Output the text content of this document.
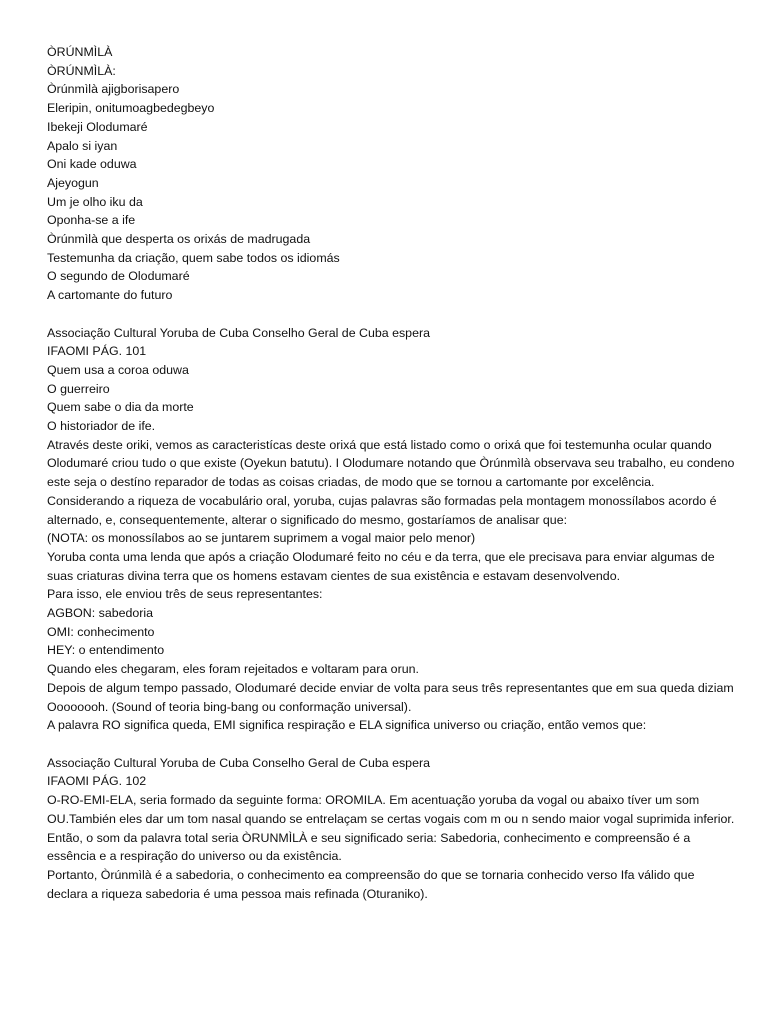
ÒRÚNMÌLÀ
ÒRÚNMÌLÀ:
Òrúnmìlà ajigborisapero
Eleripin, onitumoagbedegbeyo
Ibekeji Olodumaré
Apalo si iyan
Oni kade oduwa
Ajeyogun
Um je olho iku da
Oponha-se a ife
Òrúnmìlà que desperta os orixás de madrugada
Testemunha da criação, quem sabe todos os idiomás
O segundo de Olodumaré
A cartomante do futuro
Associação Cultural Yoruba de Cuba Conselho Geral de Cuba espera
IFAOMI PÁG. 101
Quem usa a coroa oduwa
O guerreiro
Quem sabe o dia da morte
O historiador de ife.
Através deste oriki, vemos as caracteristícas deste orixá que está listado como o orixá que foi testemunha ocular quando Olodumaré criou tudo o que existe (Oyekun batutu). I Olodumare notando que Òrúnmìlà observava seu trabalho, eu condeno este seja o destíno reparador de todas as coisas criadas, de modo que se tornou a cartomante por excelência.
Considerando a riqueza de vocabulário oral, yoruba, cujas palavras são formadas pela montagem monossílabos acordo é alternado, e, consequentemente, alterar o significado do mesmo, gostaríamos de analisar que:
(NOTA: os monossílabos ao se juntarem suprimem a vogal maior pelo menor)
Yoruba conta uma lenda que após a criação Olodumaré feito no céu e da terra, que ele precisava para enviar algumas de suas criaturas divina terra que os homens estavam cientes de sua existência e estavam desenvolvendo.
Para isso, ele enviou três de seus representantes:
AGBON: sabedoria
OMI: conhecimento
HEY: o entendimento
Quando eles chegaram, eles foram rejeitados e voltaram para orun.
Depois de algum tempo passado, Olodumaré decide enviar de volta para seus três representantes que em sua queda diziam Oooooooh. (Sound of teoria bing-bang ou conformação universal).
A palavra RO significa queda, EMI significa respiração e ELA significa universo ou criação, então vemos que:
Associação Cultural Yoruba de Cuba Conselho Geral de Cuba espera
IFAOMI PÁG. 102
O-RO-EMI-ELA, seria formado da seguinte forma: OROMILA. Em acentuação yoruba da vogal ou abaixo tíver um som OU.También eles dar um tom nasal quando se entrelaçam se certas vogais com m ou n sendo maior vogal suprimida inferior.
Então, o som da palavra total seria ÒRUNMÌLÀ e seu significado seria: Sabedoria, conhecimento e compreensão é a essência e a respiração do universo ou da existência.
Portanto, Òrúnmìlà é a sabedoria, o conhecimento ea compreensão do que se tornaria conhecido verso Ifa válido que declara a riqueza sabedoria é uma pessoa mais refinada (Oturaniko).
